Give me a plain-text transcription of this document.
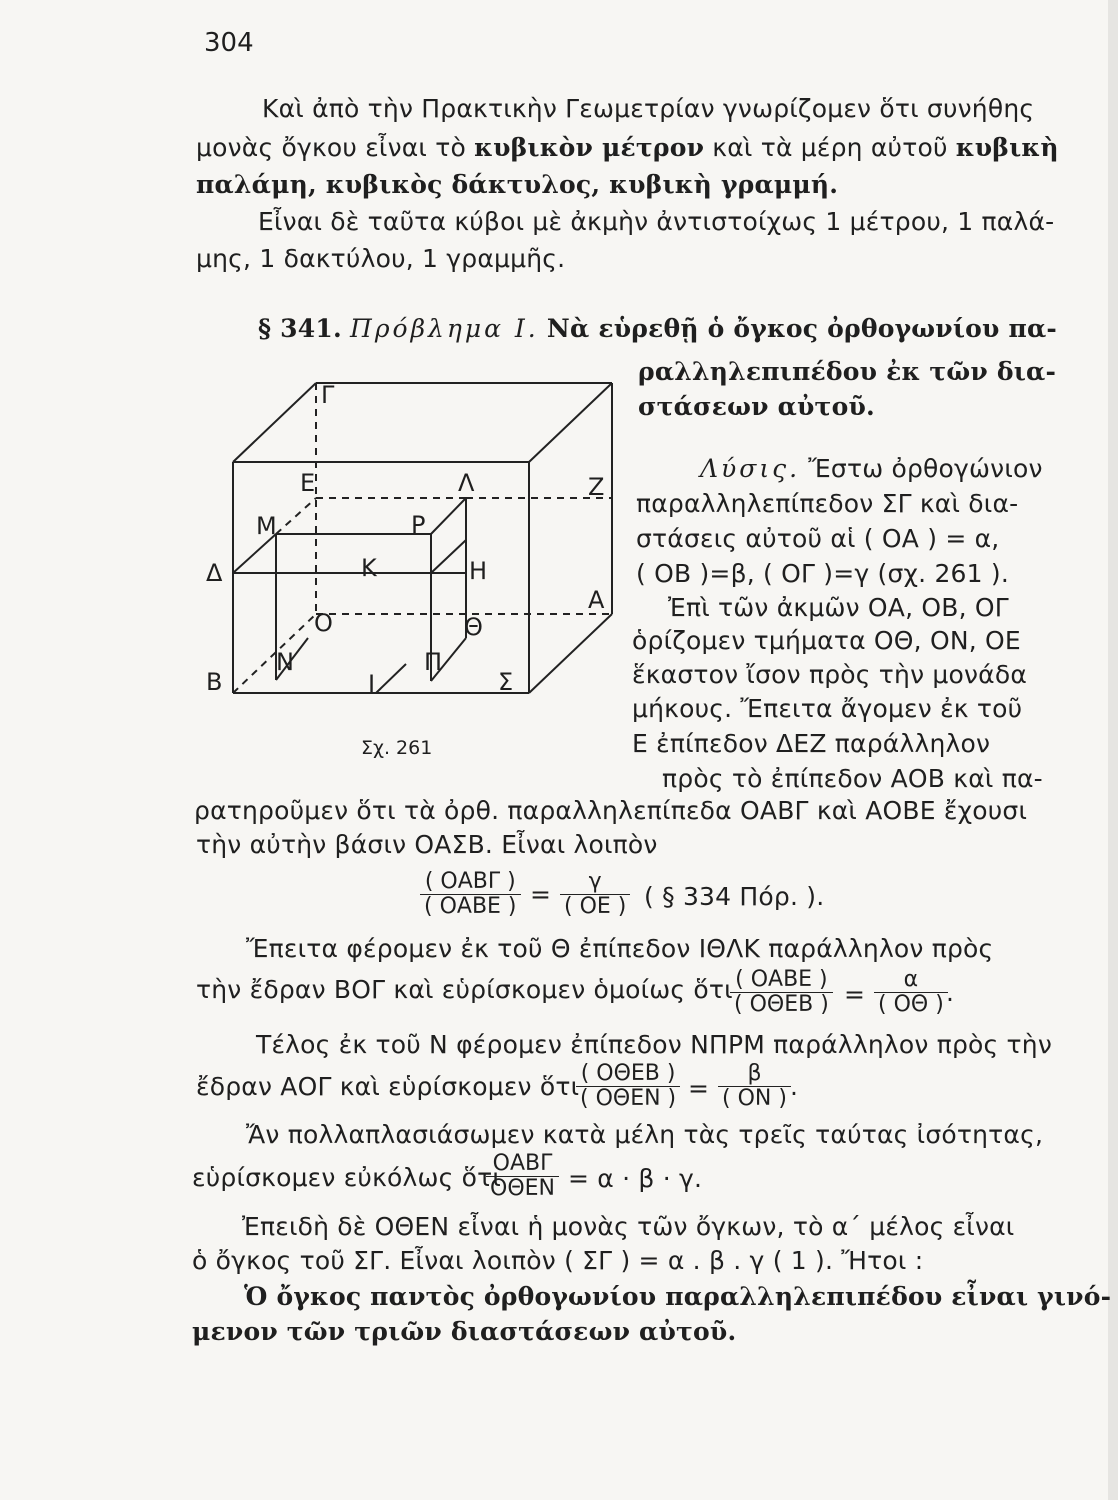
304
Καὶ ἀπὸ τὴν Πρακτικὴν Γεωμετρίαν γνωρίζομεν ὅτι συνήθης
μονὰς ὄγκου εἶναι τὸ κυβικὸν μέτρον καὶ τὰ μέρη αὐτοῦ κυβικὴ
παλάμη, κυβικὸς δάκτυλος, κυβικὴ γραμμή.
Εἶναι δὲ ταῦτα κύβοι μὲ ἀκμὴν ἀντιστοίχως 1 μέτρου, 1 παλά-
μης, 1 δακτύλου, 1 γραμμῆς.
§ 341. Πρόβλημα Ι. Νὰ εὑρεθῇ ὁ ὄγκος ὀρθογωνίου πα-
ραλληλεπιπέδου ἐκ τῶν δια-
στάσεων αὐτοῦ.
Γ
Ε	Λ	Ζ
Μ	Ρ
Δ	Κ	Η
Α
Ο	Θ
Ν	Π
Β	Ι	Σ
Σχ. 261
Λύσις. Ἔστω ὀρθογώνιον
παραλληλεπίπεδον ΣΓ καὶ δια-
στάσεις αὐτοῦ αἱ ( ΟΑ ) = α,
( ΟΒ )=β, ( ΟΓ )=γ (σχ. 261 ).
Ἐπὶ τῶν ἀκμῶν ΟΑ, ΟΒ, ΟΓ
ὁρίζομεν τμήματα ΟΘ, ΟΝ, ΟΕ
ἕκαστον ἴσον πρὸς τὴν μονάδα
μήκους. Ἔπειτα ἄγομεν ἐκ τοῦ
Ε ἐπίπεδον ΔΕΖ παράλληλον
πρὸς τὸ ἐπίπεδον ΑΟΒ καὶ πα-
ρατηροῦμεν ὅτι τὰ ὀρθ. παραλληλεπίπεδα ΟΑΒΓ καὶ ΑΟΒΕ ἔχουσι
τὴν αὐτὴν βάσιν ΟΑΣΒ. Εἶναι λοιπὸν
( ΟΑΒΓ )
( ΟΑΒΕ ) = $\frac{\gamma}{( OE )}$ ( § 334 Πόρ. ).
Ἔπειτα φέρομεν ἐκ τοῦ Θ ἐπίπεδον ΙΘΛΚ παράλληλον πρὸς
τὴν ἔδραν ΒΟΓ καὶ εὑρίσκομεν ὁμοίως ὅτι ( ΟΑΒΕ )
( ΟΘΕΒ ) = $\frac{\alpha}{( O\Theta )}$
.
Τέλος ἐκ τοῦ Ν φέρομεν ἐπίπεδον ΝΠΡΜ παράλληλον πρὸς τὴν
ἔδραν ΑΟΓ καὶ εὑρίσκομεν ὅτι ( ΟΘΕΒ )
( ΟΘΕΝ ) = $\frac{\beta}{( ON )}$ .
Ἄν πολλαπλασιάσωμεν κατὰ μέλη τὰς τρεῖς ταύτας ἰσότητας,
εὑρίσκομεν εὐκόλως ὅτι
ΟΑΒΓ
ΟΘΕΝ = α · β · γ.
Ἐπειδὴ δὲ ΟΘΕΝ εἶναι ἡ μονὰς τῶν ὄγκων, τὸ α΄ μέλος εἶναι
ὁ ὄγκος τοῦ ΣΓ. Εἶναι λοιπὸν ( ΣΓ ) = α . β . γ ( 1 ). Ἤτοι :
Ὁ ὄγκος παντὸς ὀρθογωνίου παραλληλεπιπέδου εἶναι γινό-
μενον τῶν τριῶν διαστάσεων αὐτοῦ.
